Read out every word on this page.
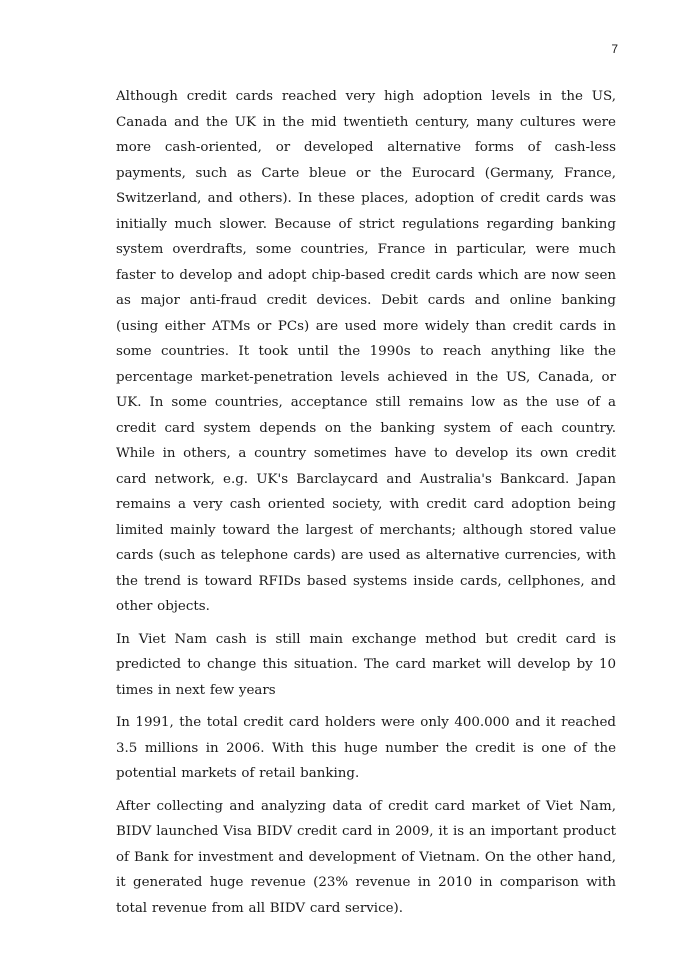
7

Although credit cards reached very high adoption levels in the US, Canada and the UK in the mid twentieth century, many cultures were more cash-oriented, or developed alternative forms of cash-less payments, such as Carte bleue or the Eurocard (Germany, France, Switzerland, and others). In these places, adoption of credit cards was initially much slower. Because of strict regulations regarding banking system overdrafts, some countries, France in particular, were much faster to develop and adopt chip-based credit cards which are now seen as major anti-fraud credit devices. Debit cards and online banking (using either ATMs or PCs) are used more widely than credit cards in some countries. It took until the 1990s to reach anything like the percentage market-penetration levels achieved in the US, Canada, or UK. In some countries, acceptance still remains low as the use of a credit card system depends on the banking system of each country. While in others, a country sometimes have to develop its own credit card network, e.g. UK's Barclaycard and Australia's Bankcard. Japan remains a very cash oriented society, with credit card adoption being limited mainly toward the largest of merchants; although stored value cards (such as telephone cards) are used as alternative currencies, with the trend is toward RFIDs based systems inside cards, cellphones, and other objects.

In Viet Nam cash is still main exchange method but credit card is predicted to change this situation. The card market will develop by 10 times in next few years

In 1991, the total credit card holders were only 400.000 and it reached 3.5 millions in 2006. With this huge number the credit is one of the potential markets of retail banking.

After collecting and analyzing data of credit card market of Viet Nam, BIDV launched Visa BIDV credit card in 2009, it is an important product of Bank for investment and development of Vietnam. On the other hand, it generated huge revenue (23% revenue in 2010 in comparison with total revenue from all BIDV card service).
